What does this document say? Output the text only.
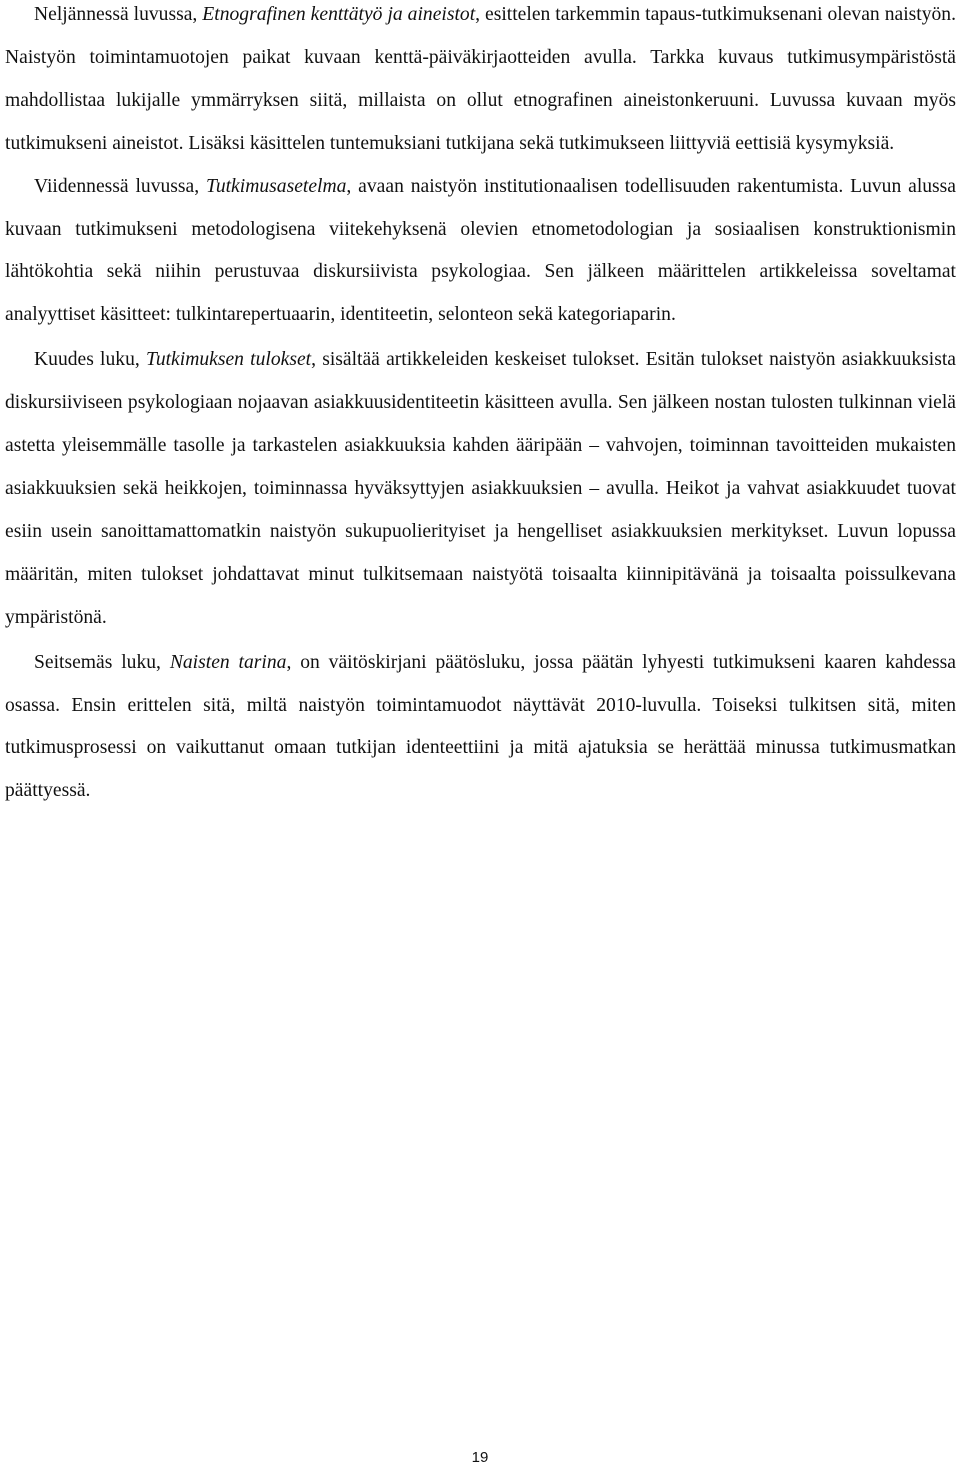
Neljännessä luvussa, Etnografinen kenttätyö ja aineistot, esittelen tarkemmin tapaus-tutkimuksenani olevan naistyön. Naistyön toimintamuotojen paikat kuvaan kenttä-päiväkirjaotteiden avulla. Tarkka kuvaus tutkimusympäristöstä mahdollistaa lukijalle ymmärryksen siitä, millaista on ollut etnografinen aineistonkeruuni. Luvussa kuvaan myös tutkimukseni aineistot. Lisäksi käsittelen tuntemuksiani tutkijana sekä tutkimukseen liittyviä eettisiä kysymyksiä.

Viidennessä luvussa, Tutkimusasetelma, avaan naistyön institutionaalisen todellisuuden rakentumista. Luvun alussa kuvaan tutkimukseni metodologisena viitekehyksenä olevien etnometodologian ja sosiaalisen konstruktionismin lähtökohtia sekä niihin perustuvaa diskursiivista psykologiaa. Sen jälkeen määrittelen artikkeleissa soveltamat analyyttiset käsitteet: tulkintarepertuaarin, identiteetin, selonteon sekä kategoriaparin.

Kuudes luku, Tutkimuksen tulokset, sisältää artikkeleiden keskeiset tulokset. Esitän tulokset naistyön asiakkuuksista diskursiiviseen psykologiaan nojaavan asiakkuusidentiteetin käsitteen avulla. Sen jälkeen nostan tulosten tulkinnan vielä astetta yleisemmälle tasolle ja tarkastelen asiakkuuksia kahden ääripään – vahvojen, toiminnan tavoitteiden mukaisten asiakkuuksien sekä heikkojen, toiminnassa hyväksyttyjen asiakkuuksien – avulla. Heikot ja vahvat asiakkuudet tuovat esiin usein sanoittamattomatkin naistyön sukupuolierityiset ja hengelliset asiakkuuksien merkitykset. Luvun lopussa määritän, miten tulokset johdattavat minut tulkitsemaan naistyötä toisaalta kiinnipitävänä ja toisaalta poissulkevana ympäristönä.

Seitsemäs luku, Naisten tarina, on väitöskirjani päätösluku, jossa päätän lyhyesti tutkimukseni kaaren kahdessa osassa. Ensin erittelen sitä, miltä naistyön toimintamuodot näyttävät 2010-luvulla. Toiseksi tulkitsen sitä, miten tutkimusprosessi on vaikuttanut omaan tutkijan identeettiini ja mitä ajatuksia se herättää minussa tutkimusmatkan päättyessä.

19
